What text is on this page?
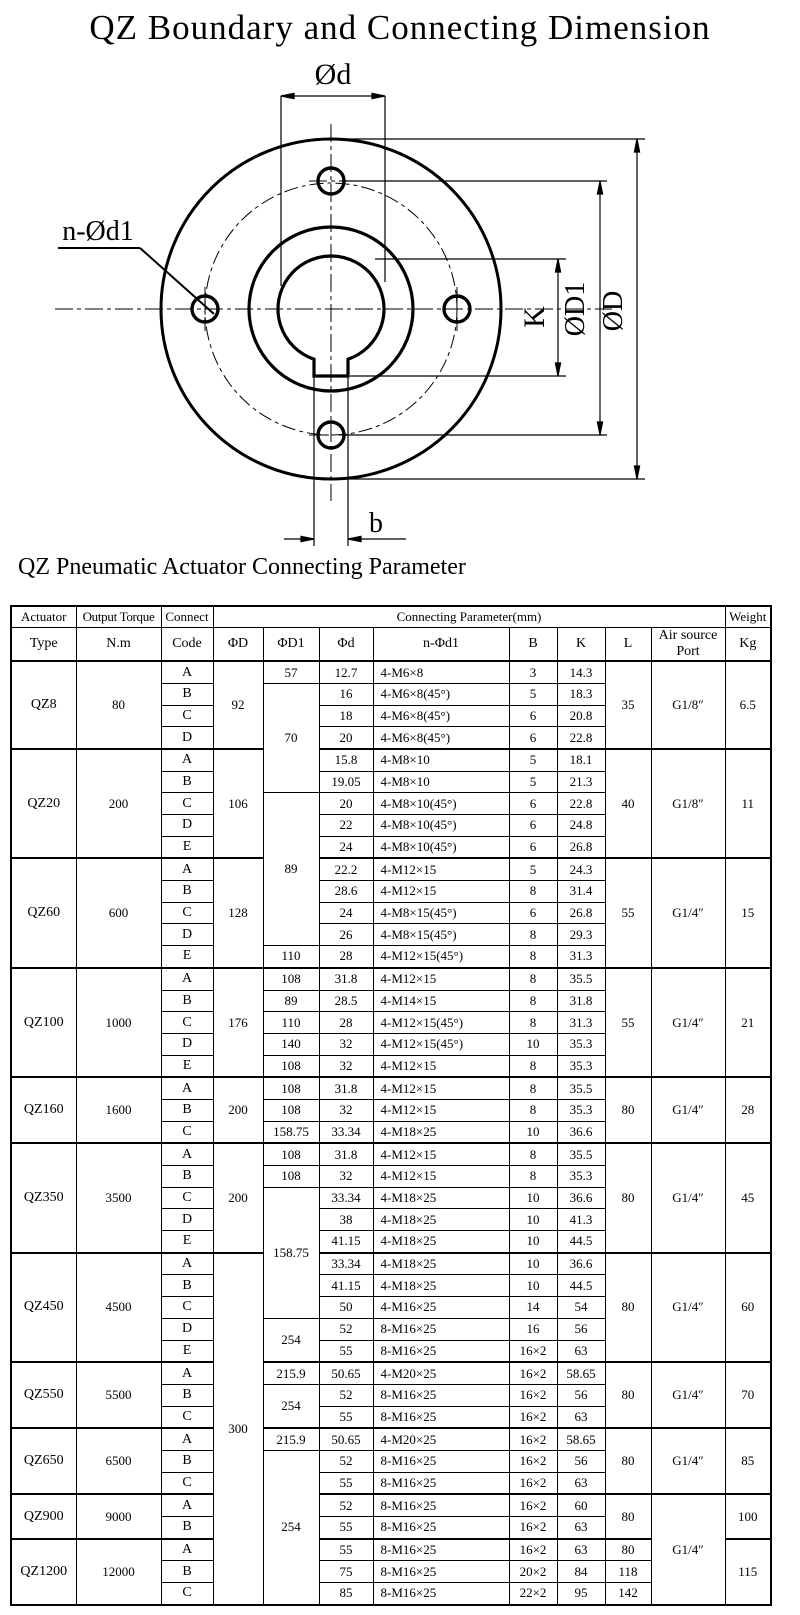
QZ Boundary and Connecting Dimension
Ød
b
K ØD1 ØD
n-Ød1
QZ Pneumatic Actuator Connecting Parameter
Actuator	Output Torque	Connect	Connecting Parameter(mm)								Weight
Type	N.m	Code	ΦD	ΦD1	Φd	n-Φd1	B	K	L	Air source Port	Kg
QZ8	80	A	92	57	12.7	4-M6×8	3	14.3	35	G1/8″	6.5
		B		70	16	4-M6×8(45°)	5	18.3			
		C			18	4-M6×8(45°)	6	20.8			
		D			20	4-M6×8(45°)	6	22.8			
QZ20	200	A	106		15.8	4-M8×10	5	18.1	40	G1/8″	11
		B			19.05	4-M8×10	5	21.3			
		C		89	20	4-M8×10(45°)	6	22.8			
		D			22	4-M8×10(45°)	6	24.8			
		E			24	4-M8×10(45°)	6	26.8			
QZ60	600	A	128		22.2	4-M12×15	5	24.3	55	G1/4″	15
		B			28.6	4-M12×15	8	31.4			
		C			24	4-M8×15(45°)	6	26.8			
		D			26	4-M8×15(45°)	8	29.3			
		E		110	28	4-M12×15(45°)	8	31.3			
QZ100	1000	A	176	108	31.8	4-M12×15	8	35.5	55	G1/4″	21
		B		89	28.5	4-M14×15	8	31.8			
		C		110	28	4-M12×15(45°)	8	31.3			
		D		140	32	4-M12×15(45°)	10	35.3			
		E		108	32	4-M12×15	8	35.3			
QZ160	1600	A	200	108	31.8	4-M12×15	8	35.5	80	G1/4″	28
		B		108	32	4-M12×15	8	35.3			
		C		158.75	33.34	4-M18×25	10	36.6			
QZ350	3500	A	200	108	31.8	4-M12×15	8	35.5	80	G1/4″	45
		B		108	32	4-M12×15	8	35.3			
		C		158.75	33.34	4-M18×25	10	36.6			
		D			38	4-M18×25	10	41.3			
		E			41.15	4-M18×25	10	44.5			
QZ450	4500	A	300		33.34	4-M18×25	10	36.6	80	G1/4″	60
		B			41.15	4-M18×25	10	44.5			
		C			50	4-M16×25	14	54			
		D		254	52	8-M16×25	16	56			
		E			55	8-M16×25	16×2	63			
QZ550	5500	A		215.9	50.65	4-M20×25	16×2	58.65	80	G1/4″	70
		B		254	52	8-M16×25	16×2	56			
		C			55	8-M16×25	16×2	63			
QZ650	6500	A		215.9	50.65	4-M20×25	16×2	58.65	80	G1/4″	85
		B		254	52	8-M16×25	16×2	56			
		C			55	8-M16×25	16×2	63			
QZ900	9000	A			52	8-M16×25	16×2	60	80	G1/4″	100
		B			55	8-M16×25	16×2	63			
QZ1200	12000	A			55	8-M16×25	16×2	63	80		115
		B			75	8-M16×25	20×2	84	118		
		C			85	8-M16×25	22×2	95	142		
